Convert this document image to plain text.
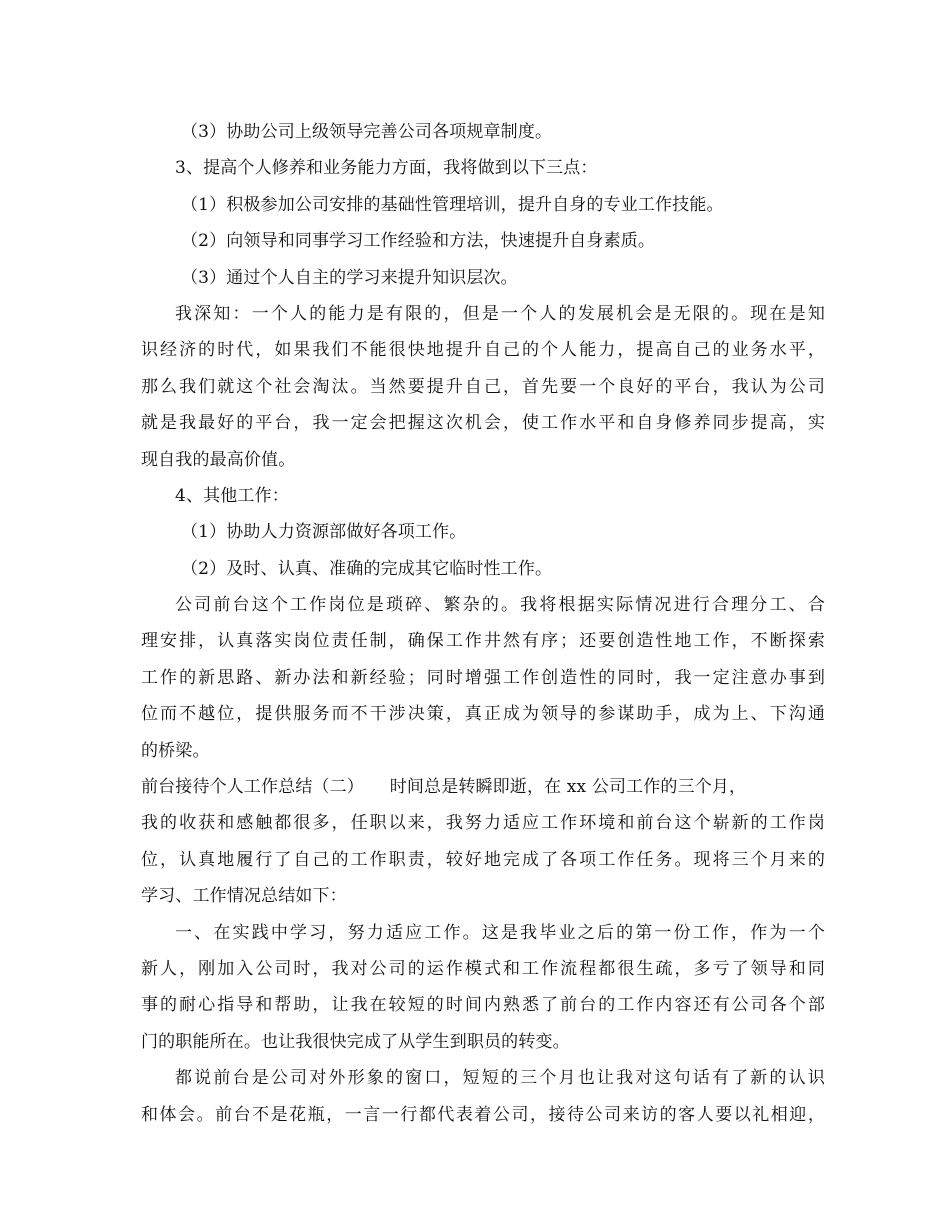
（3）协助公司上级领导完善公司各项规章制度。
3、提高个人修养和业务能力方面，我将做到以下三点：
（1）积极参加公司安排的基础性管理培训，提升自身的专业工作技能。
（2）向领导和同事学习工作经验和方法，快速提升自身素质。
（3）通过个人自主的学习来提升知识层次。
我深知：一个人的能力是有限的，但是一个人的发展机会是无限的。现在是知
识经济的时代，如果我们不能很快地提升自己的个人能力，提高自己的业务水平，
那么我们就这个社会淘汰。当然要提升自己，首先要一个良好的平台，我认为公司
就是我最好的平台，我一定会把握这次机会，使工作水平和自身修养同步提高，实
现自我的最高价值。
4、其他工作：
（1）协助人力资源部做好各项工作。
（2）及时、认真、准确的完成其它临时性工作。
公司前台这个工作岗位是琐碎、繁杂的。我将根据实际情况进行合理分工、合
理安排，认真落实岗位责任制，确保工作井然有序；还要创造性地工作，不断探索
工作的新思路、新办法和新经验；同时增强工作创造性的同时，我一定注意办事到
位而不越位，提供服务而不干涉决策，真正成为领导的参谋助手，成为上、下沟通
的桥梁。
前台接待个人工作总结（二）　　时间总是转瞬即逝，在 xx 公司工作的三个月，
我的收获和感触都很多，任职以来，我努力适应工作环境和前台这个崭新的工作岗
位，认真地履行了自己的工作职责，较好地完成了各项工作任务。现将三个月来的
学习、工作情况总结如下：
一、在实践中学习，努力适应工作。这是我毕业之后的第一份工作，作为一个
新人，刚加入公司时，我对公司的运作模式和工作流程都很生疏，多亏了领导和同
事的耐心指导和帮助，让我在较短的时间内熟悉了前台的工作内容还有公司各个部
门的职能所在。也让我很快完成了从学生到职员的转变。
都说前台是公司对外形象的窗口，短短的三个月也让我对这句话有了新的认识
和体会。前台不是花瓶，一言一行都代表着公司，接待公司来访的客人要以礼相迎，
